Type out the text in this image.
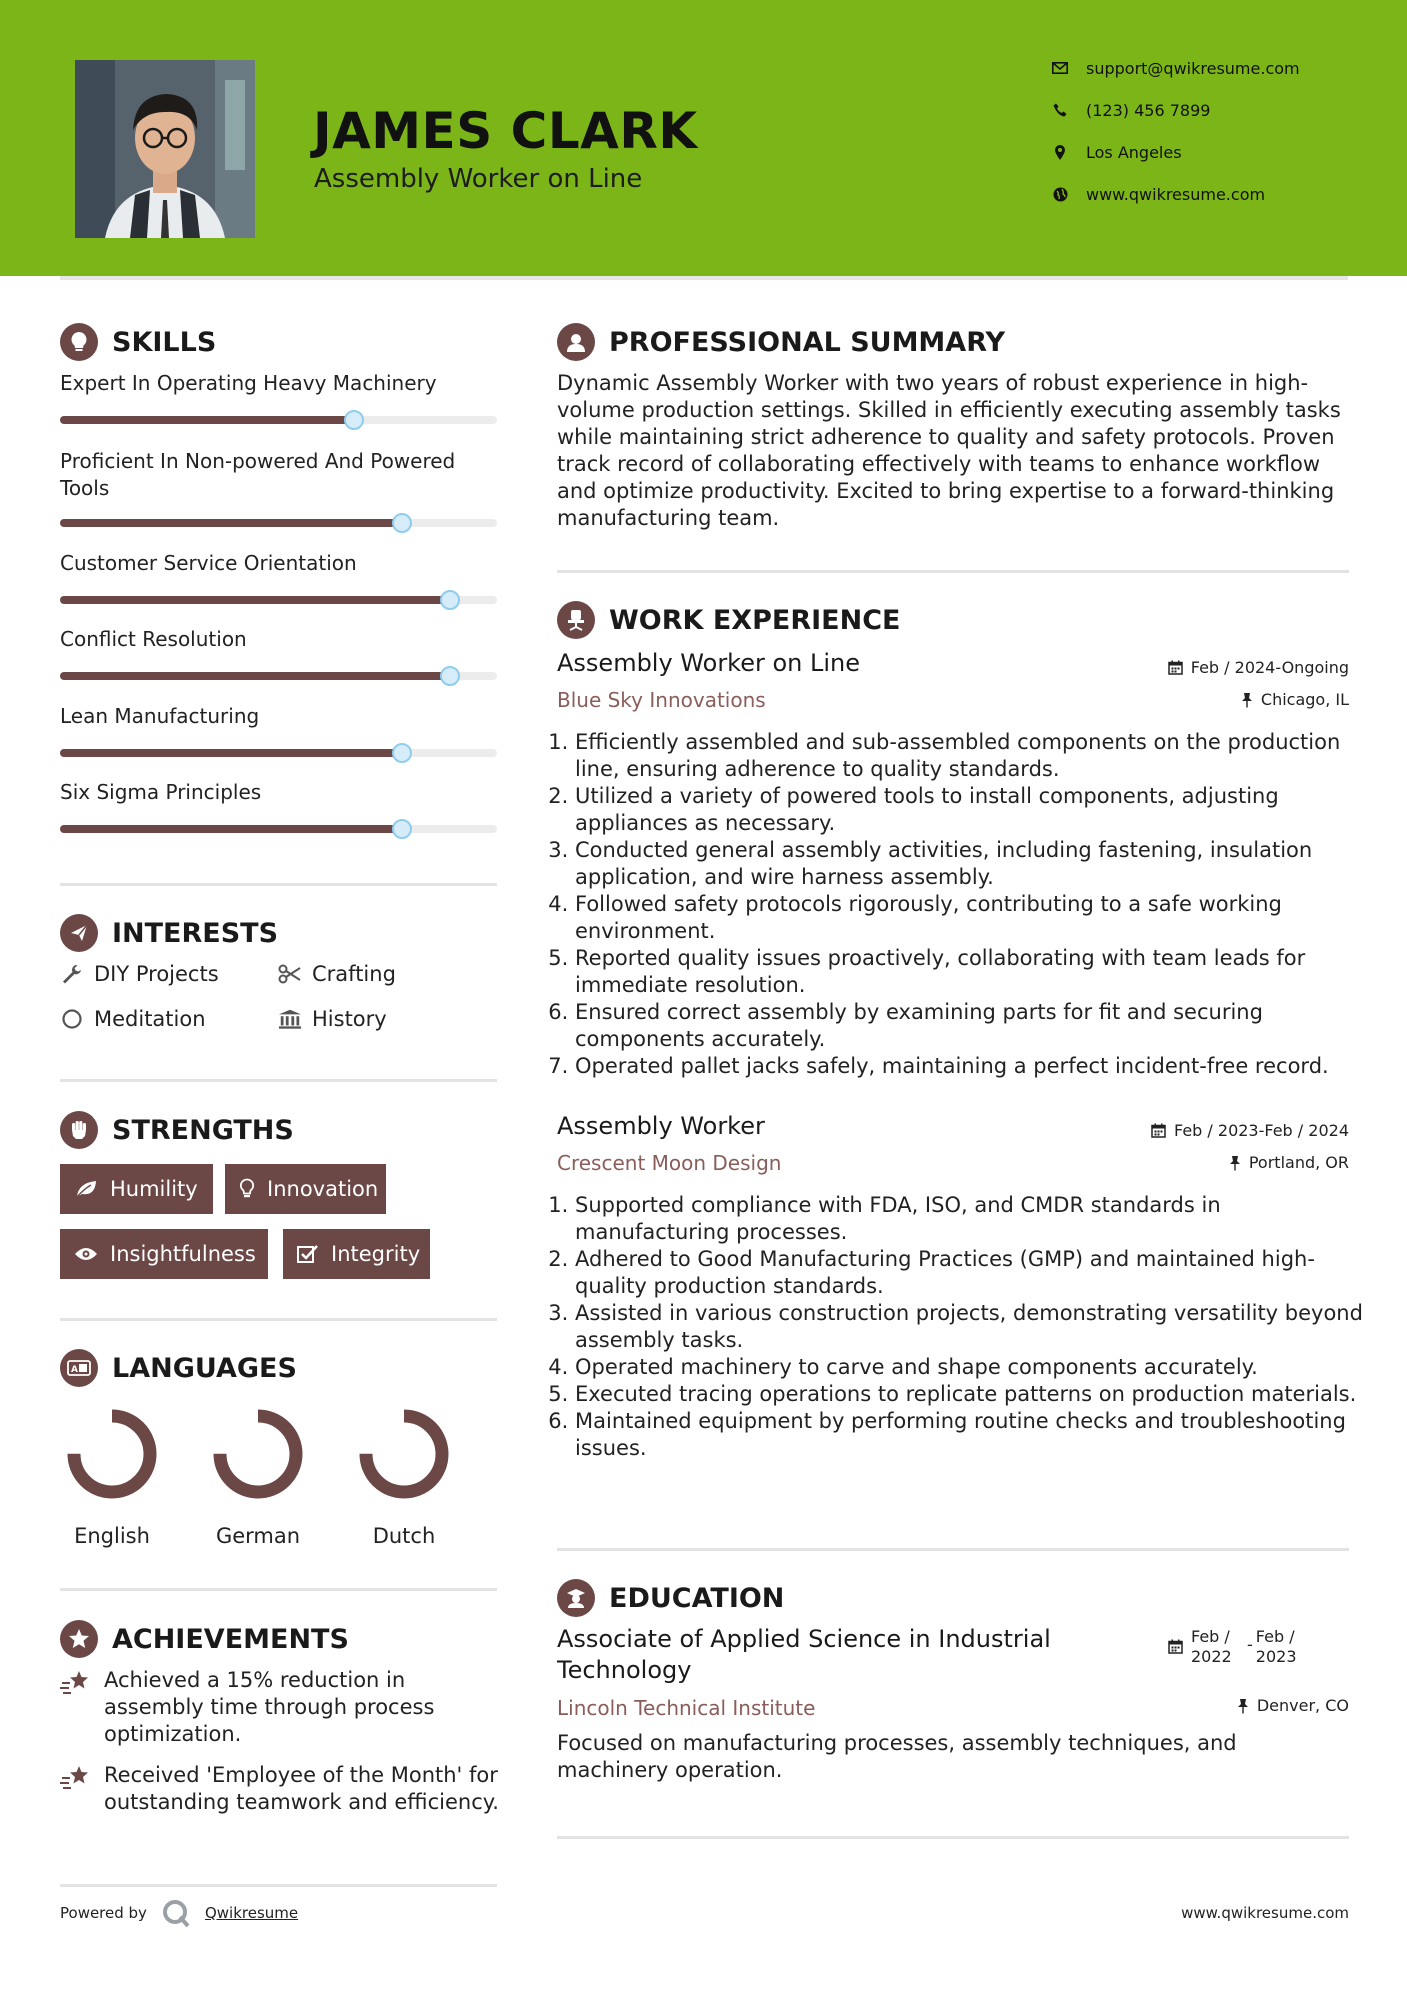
JAMES CLARK
Assembly Worker on Line
support@qwikresume.com
(123) 456 7899
Los Angeles
www.qwikresume.com
SKILLS
Expert In Operating Heavy Machinery
Proficient In Non-powered And Powered Tools
Customer Service Orientation
Conflict Resolution
Lean Manufacturing
Six Sigma Principles
INTERESTS
DIY Projects	Crafting
Meditation	History
STRENGTHS
Humility	Innovation
Insightfulness	Integrity
A LANGUAGES
English	German	Dutch
ACHIEVEMENTS
Achieved a 15% reduction in assembly time through process optimization.
Received 'Employee of the Month' for outstanding teamwork and efficiency.
PROFESSIONAL SUMMARY
Dynamic Assembly Worker with two years of robust experience in high-volume production settings. Skilled in efficiently executing assembly tasks while maintaining strict adherence to quality and safety protocols. Proven track record of collaborating effectively with teams to enhance workflow and optimize productivity. Excited to bring expertise to a forward-thinking manufacturing team.
WORK EXPERIENCE
Assembly Worker on Line	Feb / 2024-Ongoing
Blue Sky Innovations	Chicago, IL
1. Efficiently assembled and sub-assembled components on the production line, ensuring adherence to quality standards.
2. Utilized a variety of powered tools to install components, adjusting appliances as necessary.
3. Conducted general assembly activities, including fastening, insulation application, and wire harness assembly.
4. Followed safety protocols rigorously, contributing to a safe working environment.
5. Reported quality issues proactively, collaborating with team leads for immediate resolution.
6. Ensured correct assembly by examining parts for fit and securing components accurately.
7. Operated pallet jacks safely, maintaining a perfect incident-free record.
Assembly Worker	Feb / 2023-Feb / 2024
Crescent Moon Design	Portland, OR
1. Supported compliance with FDA, ISO, and CMDR standards in manufacturing processes.
2. Adhered to Good Manufacturing Practices (GMP) and maintained high-quality production standards.
3. Assisted in various construction projects, demonstrating versatility beyond assembly tasks.
4. Operated machinery to carve and shape components accurately.
5. Executed tracing operations to replicate patterns on production materials.
6. Maintained equipment by performing routine checks and troubleshooting issues.
EDUCATION
Associate of Applied Science in Industrial Technology
Feb /
2022
- Feb /
2023
Lincoln Technical Institute	Denver, CO
Focused on manufacturing processes, assembly techniques, and machinery operation.
Powered by	Qwikresume	www.qwikresume.com
